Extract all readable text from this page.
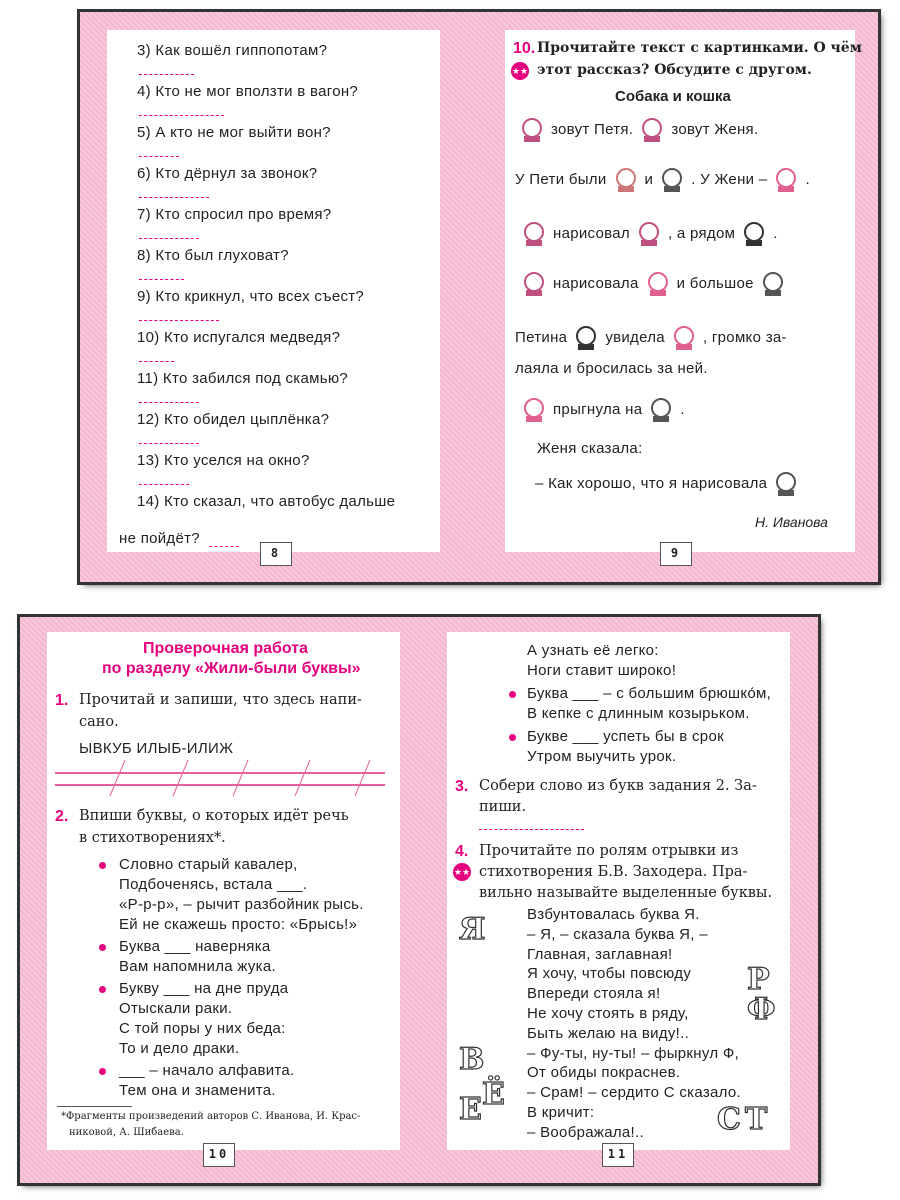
3) Как вошёл гиппопотам?
4) Кто не мог вползти в вагон?
5) А кто не мог выйти вон?
6) Кто дёрнул за звонок?
7) Кто спросил про время?
8) Кто был глуховат?
9) Кто крикнул, что всех съест?
10) Кто испугался медведя?
11) Кто забился под скамью?
12) Кто обидел цыплёнка?
13) Кто уселся на окно?
14) Кто сказал, что автобус дальше
не пойдёт?
8
10.
★★
Прочитайте текст с картинками. О чём
этот рассказ? Обсудите с другом.
Собака и кошка
зовут Петя.	зовут Женя.
У Пети были	и	. У Жени –	.
нарисовал	, а рядом	.
нарисовала	и большое
Петина	увидела	, громко за-
лаяла и бросилась за ней.
прыгнула на	.
Женя сказала:
– Как хорошо, что я нарисовала
Н. Иванова
9
Проверочная работа
по разделу «Жили-были буквы»
1. Прочитай и запиши, что здесь напи-
сано.
ЫВКУБ ИЛЫБ-ИЛИЖ
2. Впиши буквы, о которых идёт речь
в стихотворениях*.
Словно старый кавалер,
Подбоченясь, встала ___.
«Р-р-р», – рычит разбойник рысь.
Ей не скажешь просто: «Брысь!»
Буква ___ наверняка
Вам напомнила жука.
Букву ___ на дне пруда
Отыскали раки.
С той поры у них беда:
То и дело драки.
___ – начало алфавита.
Тем она и знаменита.
*Фрагменты произведений авторов С. Иванова, И. Крас-
никовой, А. Шибаева.
10
А узнать её легко:
Ноги ставит широко!
Буква ___ – с большим брюшко́м,
В кепке с длинным козырьком.
Букве ___ успеть бы в срок
Утром выучить урок.
3. Собери слово из букв задания 2. За-
пиши.
4.
★★
Прочитайте по ролям отрывки из
стихотворения Б.В. Заходера. Пра-
вильно называйте выделенные буквы.
Взбунтовалась буква Я.
– Я, – сказала буква Я, –
Главная, заглавная!
Я хочу, чтобы повсюду
Впереди стояла я!
Не хочу стоять в ряду,
Быть желаю на виду!..
– Фу-ты, ну-ты! – фыркнул Ф,
От обиды покраснев.
– Срам! – сердито С сказало.
В кричит:
– Воображала!..
Я
Р
Ф
В
Е Ё
С Т
11
